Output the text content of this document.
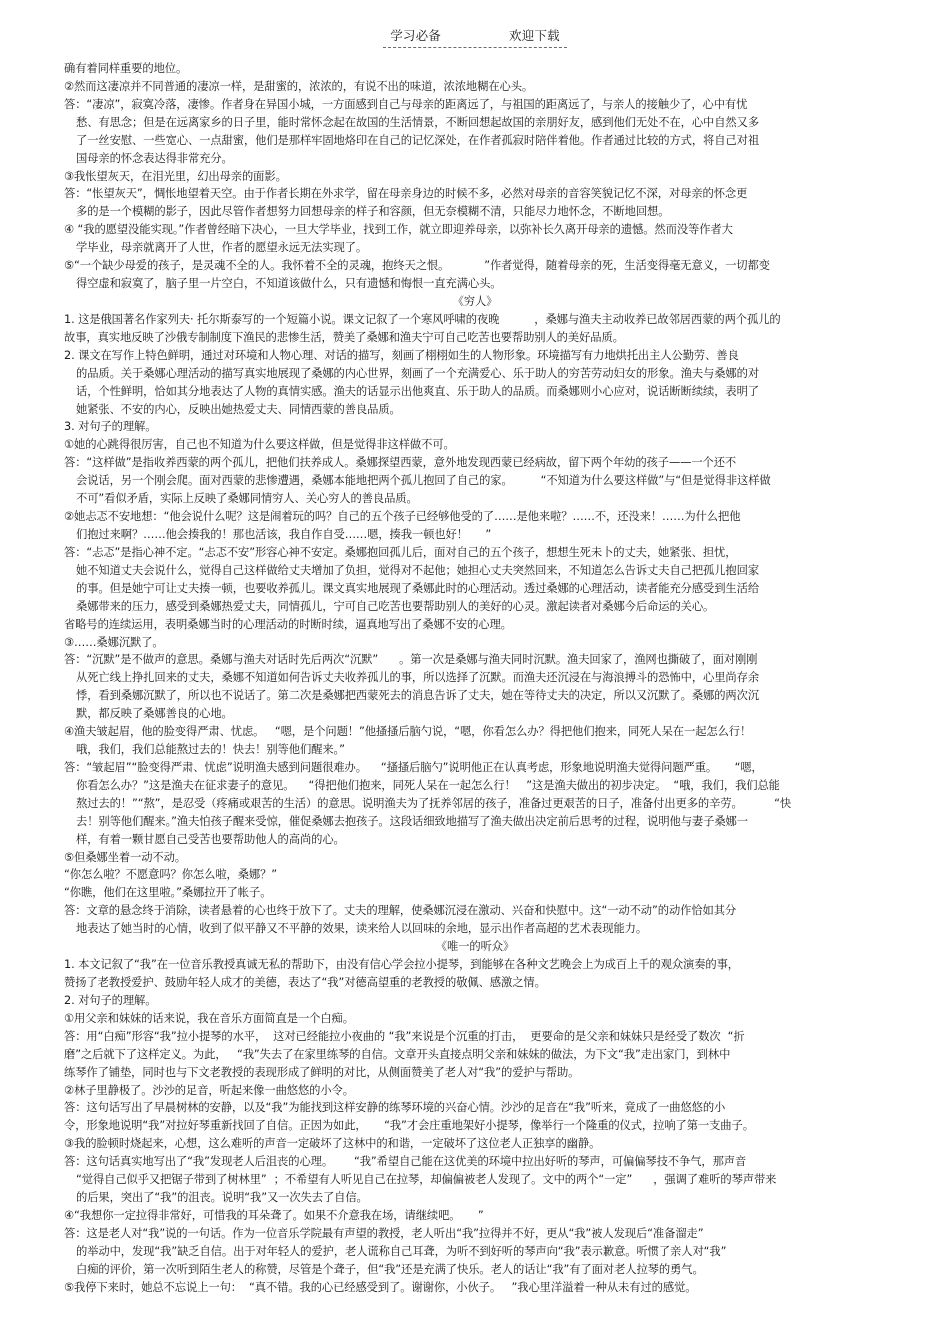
学习必备	欢迎下载

确有着同样重要的地位。

②然而这凄凉并不同普通的凄凉一样，是甜蜜的，浓浓的，有说不出的味道，浓浓地糊在心头。

答：“凄凉”，寂寞冷落，凄惨。作者身在异国小城，一方面感到自己与母亲的距离远了，与祖国的距离远了，与亲人的接触少了，心中有忧

愁、有思念；但是在远离家乡的日子里，能时常怀念起在故国的生活情景，不断回想起故国的亲朋好友，感到他们无处不在，心中自然又多

了一丝安慰、一些宽心、一点甜蜜，他们是那样牢固地烙印在自己的记忆深处，在作者孤寂时陪伴着他。作者通过比较的方式，将自己对祖

国母亲的怀念表达得非常充分。

③我怅望灰天，在泪光里，幻出母亲的面影。

答：“怅望灰天”，惆怅地望着天空。由于作者长期在外求学，留在母亲身边的时候不多，必然对母亲的音容笑貌记忆不深，对母亲的怀念更

多的是一个模糊的影子，因此尽管作者想努力回想母亲的样子和容颜，但无奈模糊不清，只能尽力地怀念，不断地回想。

④ “我的愿望没能实现。”作者曾经暗下决心，一旦大学毕业，找到工作，就立即迎养母亲，以弥补长久离开母亲的遗憾。然而没等作者大

学毕业，母亲就离开了人世，作者的愿望永远无法实现了。

⑤“一个缺少母爱的孩子，是灵魂不全的人。我怀着不全的灵魂，抱终天之恨。          ”作者觉得，随着母亲的死，生活变得毫无意义，一切都变

得空虚和寂寞了，脑子里一片空白，不知道该做什么，只有遗憾和悔恨一直充满心头。

《穷人》

1. 这是俄国著名作家列夫· 托尔斯泰写的一个短篇小说。课文记叙了一个寒风呼啸的夜晚          ，桑娜与渔夫主动收养已故邻居西蒙的两个孤儿的

故事，真实地反映了沙俄专制制度下渔民的悲惨生活，赞美了桑娜和渔夫宁可自己吃苦也要帮助别人的美好品质。

2. 课文在写作上特色鲜明，通过对环境和人物心理、对话的描写，刻画了栩栩如生的人物形象。环境描写有力地烘托出主人公勤劳、善良

的品质。关于桑娜心理活动的描写真实地展现了桑娜的内心世界，刻画了一个充满爱心、乐于助人的穷苦劳动妇女的形象。渔夫与桑娜的对

话，个性鲜明，恰如其分地表达了人物的真情实感。渔夫的话显示出他爽直、乐于助人的品质。而桑娜则小心应对，说话断断续续，表明了

她紧张、不安的内心，反映出她热爱丈夫、同情西蒙的善良品质。

3. 对句子的理解。

①她的心跳得很厉害，自己也不知道为什么要这样做，但是觉得非这样做不可。

答：“这样做”是指收养西蒙的两个孤儿，把他们扶养成人。桑娜探望西蒙，意外地发现西蒙已经病故，留下两个年幼的孩子——一个还不

会说话，另一个刚会爬。面对西蒙的悲惨遭遇，桑娜本能地把两个孤儿抱回了自己的家。        “不知道为什么要这样做”与“但是觉得非这样做

不可”看似矛盾，实际上反映了桑娜同情穷人、关心穷人的善良品质。

②她忐忑不安地想：“他会说什么呢？这是闹着玩的吗？自己的五个孩子已经够他受的了……是他来啦？……不，还没来！……为什么把他

们抱过来啊？……他会揍我的！那也活该，我自作自受……嗯，揍我一顿也好！     ”

答：“忐忑”是指心神不定。“忐忑不安”形容心神不安定。桑娜抱回孤儿后，面对自己的五个孩子，想想生死未卜的丈夫，她紧张、担忧，

她不知道丈夫会说什么，觉得自己这样做给丈夫增加了负担，觉得对不起他；她担心丈夫突然回来，不知道怎么告诉丈夫自己把孤儿抱回家

的事。但是她宁可让丈夫揍一顿，也要收养孤儿。课文真实地展现了桑娜此时的心理活动。透过桑娜的心理活动，读者能充分感受到生活给

桑娜带来的压力，感受到桑娜热爱丈夫，同情孤儿，宁可自己吃苦也要帮助别人的美好的心灵。激起读者对桑娜今后命运的关心。

省略号的连续运用，表明桑娜当时的心理活动的时断时续，逼真地写出了桑娜不安的心理。

③……桑娜沉默了。

答：“沉默”是不做声的意思。桑娜与渔夫对话时先后两次“沉默”      。第一次是桑娜与渔夫同时沉默。渔夫回家了，渔网也撕破了，面对刚刚

从死亡线上挣扎回来的丈夫，桑娜不知道如何告诉丈夫收养孤儿的事，所以选择了沉默。而渔夫还沉浸在与海浪搏斗的恐怖中，心里尚存余

悸，看到桑娜沉默了，所以也不说话了。第二次是桑娜把西蒙死去的消息告诉了丈夫，她在等待丈夫的决定，所以又沉默了。桑娜的两次沉

默，都反映了桑娜善良的心地。

④渔夫皱起眉，他的脸变得严肃、忧虑。   “嗯，是个问题！”他搔搔后脑勺说，“嗯，你看怎么办？得把他们抱来，同死人呆在一起怎么行！

哦，我们，我们总能熬过去的！快去！别等他们醒来。”

答：“皱起眉”“脸变得严肃、忧虑”说明渔夫感到问题很难办。    “搔搔后脑勺”说明他正在认真考虑，形象地说明渔夫觉得问题严重。     “嗯，

你看怎么办？”这是渔夫在征求妻子的意见。    “得把他们抱来，同死人呆在一起怎么行！   ”这是渔夫做出的初步决定。  “哦，我们，我们总能

熬过去的！”“熬”，是忍受（疼痛或艰苦的生活）的意思。说明渔夫为了抚养邻居的孩子，准备过更艰苦的日子，准备付出更多的辛劳。         “快

去！别等他们醒来。”渔夫怕孩子醒来受惊，催促桑娜去抱孩子。这段话细致地描写了渔夫做出决定前后思考的过程，说明他与妻子桑娜一

样，有着一颗甘愿自己受苦也要帮助他人的高尚的心。

⑤但桑娜坐着一动不动。

“你怎么啦？不愿意吗？你怎么啦，桑娜？”

“你瞧，他们在这里啦。”桑娜拉开了帐子。

答：文章的悬念终于消除，读者悬着的心也终于放下了。丈夫的理解，使桑娜沉浸在激动、兴奋和快慰中。这“一动不动”的动作恰如其分

地表达了她当时的心情，收到了似平静又不平静的效果，读来给人以回味的余地，显示出作者高超的艺术表现能力。

《唯一的听众》

1. 本文记叙了“我”在一位音乐教授真诚无私的帮助下，由没有信心学会拉小提琴，到能够在各种文艺晚会上为成百上千的观众演奏的事，

赞扬了老教授爱护、鼓励年轻人成才的美德，表达了“我”对德高望重的老教授的敬佩、感激之情。

2. 对句子的理解。

①用父亲和妹妹的话来说，我在音乐方面简直是一个白痴。

答：用“白痴”形容“我”拉小提琴的水平，  这对已经能拉小夜曲的 “我”来说是个沉重的打击，  更要命的是父亲和妹妹只是经受了数次  “折

磨”之后就下了这样定义。为此，   “我”失去了在家里练琴的自信。文章开头直接点明父亲和妹妹的做法，为下文“我”走出家门，到林中

练琴作了铺垫，同时也与下文老教授的表现形成了鲜明的对比，从侧面赞美了老人对“我”的爱护与帮助。

②林子里静极了。沙沙的足音，听起来像一曲悠悠的小令。

答：这句话写出了早晨树林的安静，以及“我”为能找到这样安静的练琴环境的兴奋心情。沙沙的足音在“我”听来，竟成了一曲悠悠的小

令，形象地说明“我”对拉好琴重新找回了自信。正因为如此，     “我”才会庄重地架好小提琴，像举行一个隆重的仪式，拉响了第一支曲子。

③我的脸顿时烧起来，心想，这么难听的声音一定破坏了这林中的和谐，一定破坏了这位老人正独享的幽静。

答：这句话真实地写出了“我”发现老人后沮丧的心理。      “我”希望自己能在这优美的环境中拉出好听的琴声，可偏偏琴技不争气，那声音

“觉得自己似乎又把锯子带到了树林里”  ；不希望有人听见自己在拉琴，却偏偏被老人发现了。文中的两个“一定”      ，强调了难听的琴声带来

的后果，突出了“我”的沮丧。说明“我”又一次失去了自信。

④“我想你一定拉得非常好，可惜我的耳朵聋了。如果不介意我在场，请继续吧。     ”

答：这是老人对“我”说的一句话。作为一位音乐学院最有声望的教授，老人听出“我”拉得并不好，更从“我”被人发现后“准备溜走”

的举动中，发现“我”缺乏自信。出于对年轻人的爱护，老人谎称自己耳聋，为听不到好听的琴声向“我”表示歉意。听惯了亲人对“我”

白痴的评价，第一次听到陌生老人的称赞，尽管是个聋子，但“我”还是充满了快乐。老人的话让“我”有了面对老人拉琴的勇气。

⑤我停下来时，她总不忘说上一句：  “真不错。我的心已经感受到了。谢谢你，小伙子。   ”我心里洋溢着一种从未有过的感觉。
